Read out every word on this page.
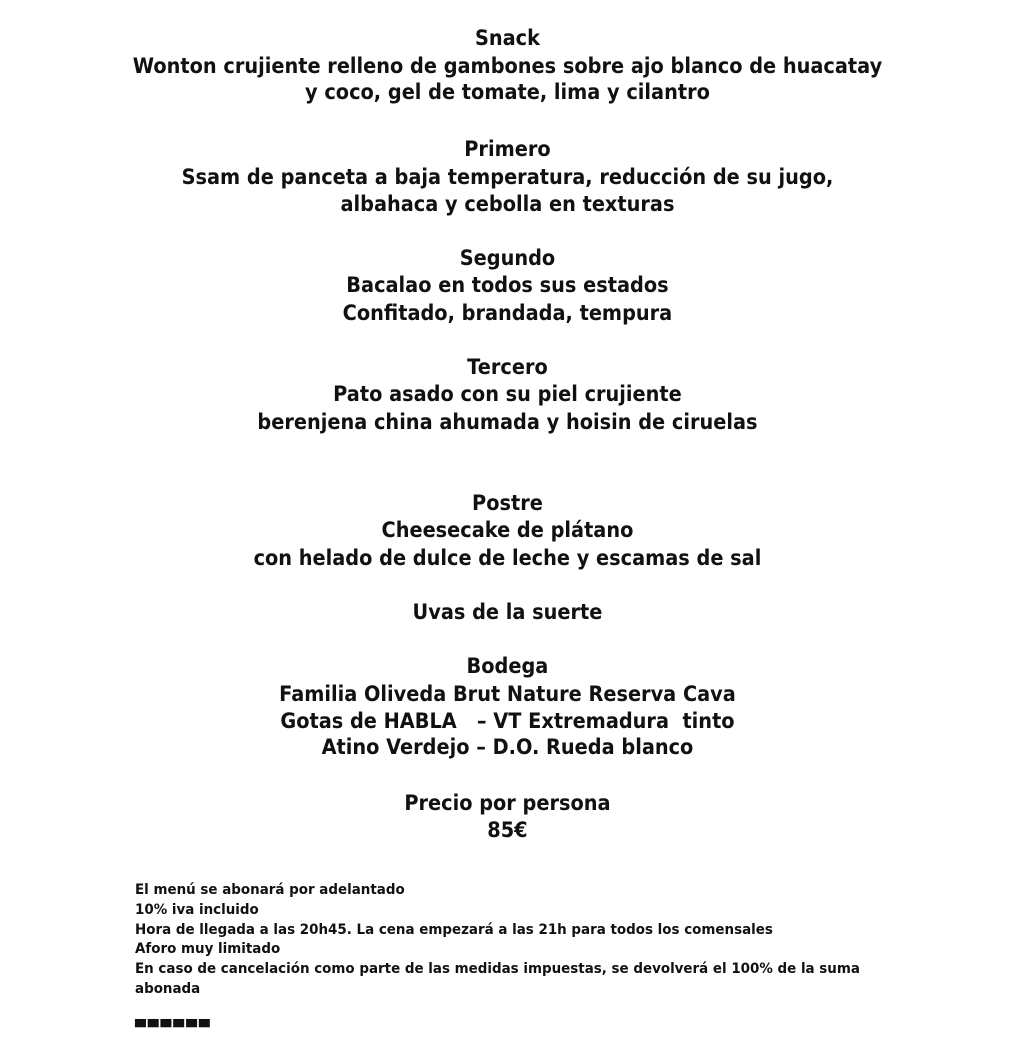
Snack
Wonton crujiente relleno de gambones sobre ajo blanco de huacatay
y coco, gel de tomate, lima y cilantro
Primero
Ssam de panceta a baja temperatura, reducción de su jugo,
albahaca y cebolla en texturas
Segundo
Bacalao en todos sus estados
Confitado, brandada, tempura
Tercero
Pato asado con su piel crujiente
berenjena china ahumada y hoisin de ciruelas
Postre
Cheesecake de plátano
con helado de dulce de leche y escamas de sal
Uvas de la suerte
Bodega
Familia Oliveda Brut Nature Reserva Cava
Gotas de HABLA   – VT Extremadura  tinto
Atino Verdejo – D.O. Rueda blanco
Precio por persona
85€
El menú se abonará por adelantado
10% iva incluido
Hora de llegada a las 20h45. La cena empezará a las 21h para todos los comensales
Aforo muy limitado
En caso de cancelación como parte de las medidas impuestas, se devolverá el 100% de la suma abonada
▀▀▀▀▀▀
